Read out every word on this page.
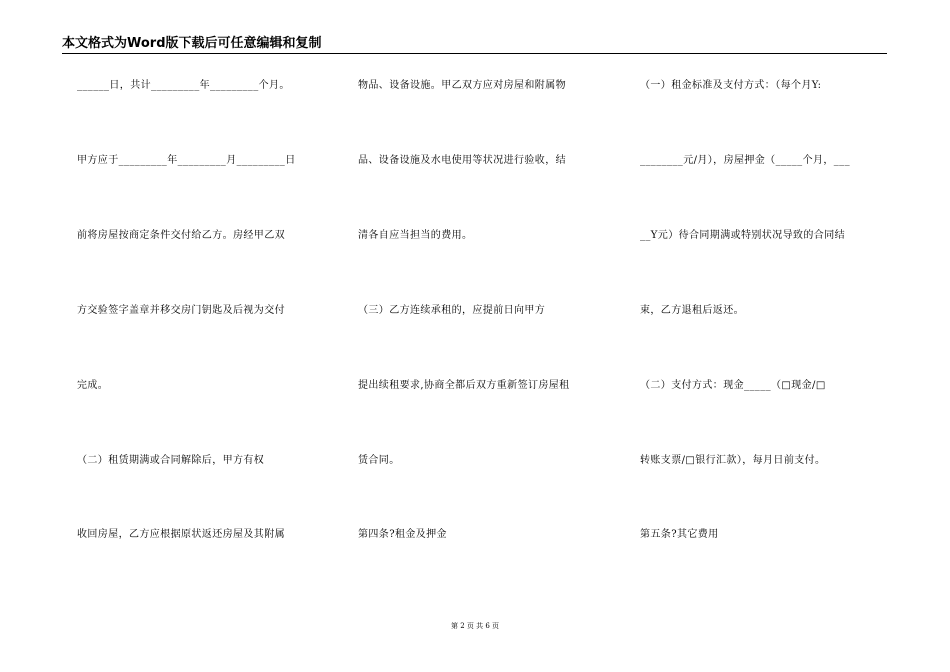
本文格式为Word版下载后可任意编辑和复制
______日，共计_________年_________个月。
甲方应于_________年_________月_________日
前将房屋按商定条件交付给乙方。房经甲乙双
方交验签字盖章并移交房门钥匙及后视为交付
完成。
（二）租赁期满或合同解除后，甲方有权
收回房屋，乙方应根据原状返还房屋及其附属
物品、设备设施。甲乙双方应对房屋和附属物
品、设备设施及水电使用等状况进行验收，结
清各自应当担当的费用。
（三）乙方连续承租的，应提前日向甲方
提出续租要求,协商全都后双方重新签订房屋租
赁合同。
第四条?租金及押金
（一）租金标准及支付方式：（每个月Y:
________元/月），房屋押金（_____个月，___
__Y元）待合同期满或特别状况导致的合同结
束，乙方退租后返还。
（二）支付方式：现金_____（□现金/□
转账支票/□银行汇款），每月日前支付。
第五条?其它费用
第 2 页 共 6 页
